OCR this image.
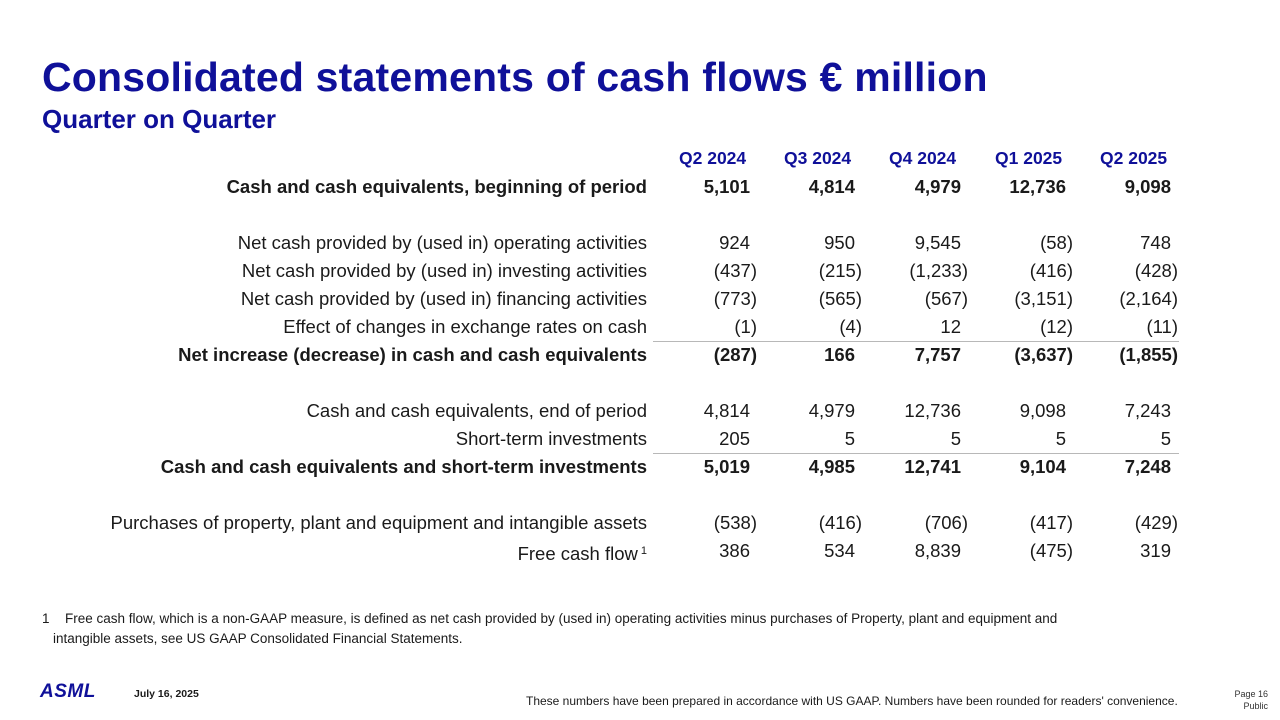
Consolidated statements of cash flows € million
Quarter on Quarter
Q2 2024 Q3 2024 Q4 2024 Q1 2025 Q2 2025
Cash and cash equivalents, beginning of period	5,101	4,814	4,979	12,736	9,098
Net cash provided by (used in) operating activities	924	950	9,545	(58)	748
Net cash provided by (used in) investing activities	(437)	(215)	(1,233)	(416)	(428)
Net cash provided by (used in) financing activities	(773)	(565)	(567)	(3,151)	(2,164)
Effect of changes in exchange rates on cash	(1)	(4)	12	(12)	(11)
Net increase (decrease) in cash and cash equivalents	(287)	166	7,757	(3,637)	(1,855)
Cash and cash equivalents, end of period	4,814	4,979	12,736	9,098	7,243
Short-term investments	205	5	5	5	5
Cash and cash equivalents and short-term investments	5,019	4,985	12,741	9,104	7,248
Purchases of property, plant and equipment and intangible assets	(538)	(416)	(706)	(417)	(429)
Free cash flow $^1$	386	534	8,839	(475)	319
1 Free cash flow, which is a non-GAAP measure, is defined as net cash provided by (used in) operating activities minus purchases of Property, plant and equipment and
intangible assets, see US GAAP Consolidated Financial Statements.
ASML	July 16, 2025	These numbers have been prepared in accordance with US GAAP. Numbers have been rounded for readers' convenience.	Page 16
Public
